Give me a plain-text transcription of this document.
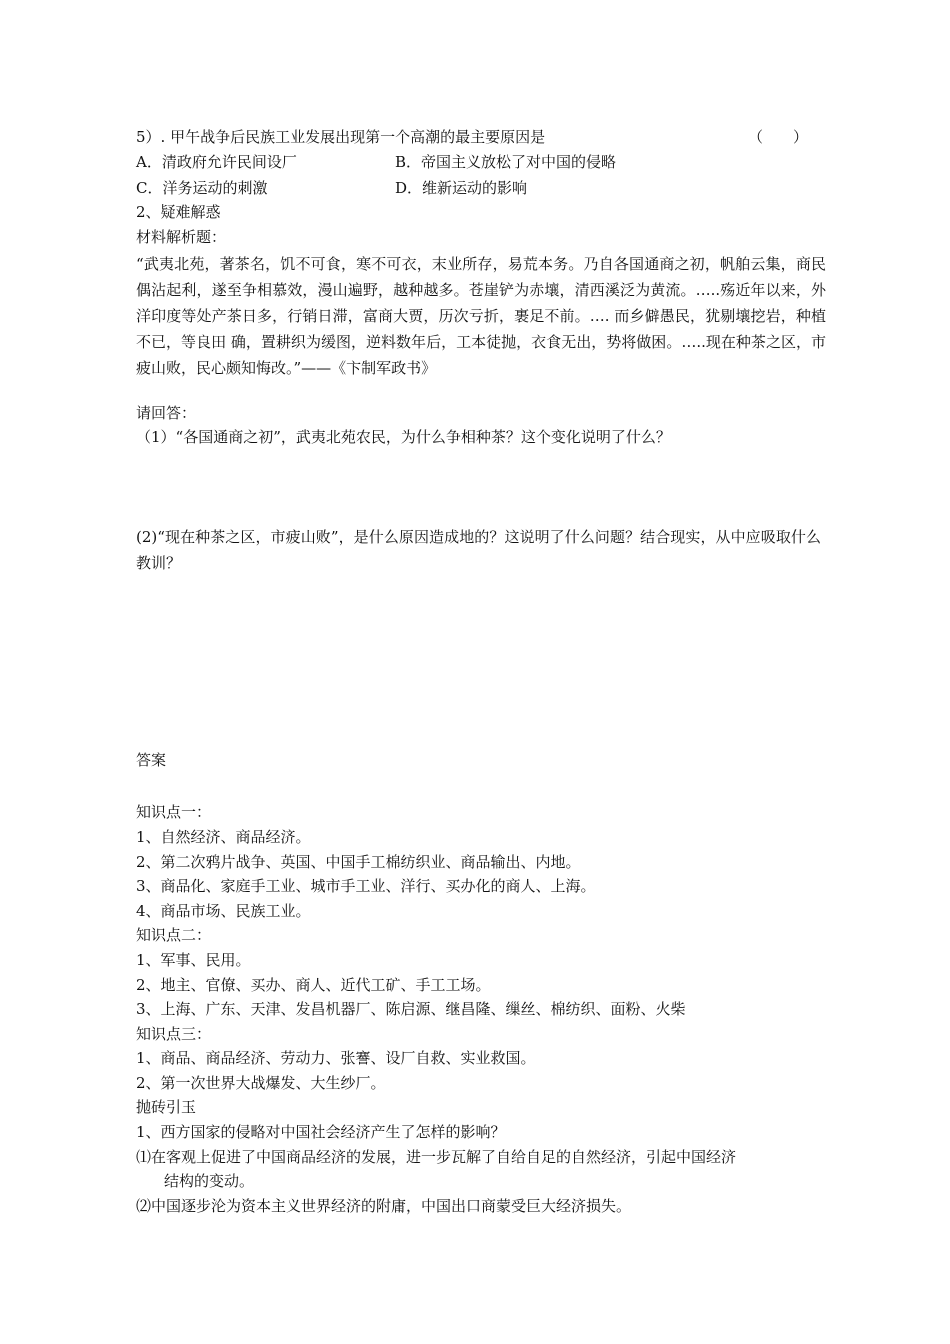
5）. 甲午战争后民族工业发展出现第一个高潮的最主要原因是	（　　）
A．清政府允许民间设厂	B．帝国主义放松了对中国的侵略
C．洋务运动的刺激	D．维新运动的影响
2、疑难解惑
材料解析题：
“武夷北苑，著茶名，饥不可食，寒不可衣，末业所存，易荒本务。乃自各国通商之初，帆舶云集，商民偶沾起利，遂至争相慕效，漫山遍野，越种越多。苍崖铲为赤壤，清西溪泛为黄流。…..殇近年以来，外洋印度等处产茶日多，行销日滞，富商大贾，历次亏折，裹足不前。…. 而乡僻愚民，犹剔壤挖岩，种植不已，等良田 确，置耕织为缓图，逆料数年后，工本徒抛，衣食无出，势将做困。…..现在种茶之区，市疲山败，民心颇知悔改。”——《卞制军政书》
请回答：
（1）“各国通商之初”，武夷北苑农民，为什么争相种茶？这个变化说明了什么？
(2)“现在种茶之区，市疲山败”，是什么原因造成地的？这说明了什么问题？结合现实，从中应吸取什么教训？
答案
知识点一：
1、自然经济、商品经济。
2、第二次鸦片战争、英国、中国手工棉纺织业、商品输出、内地。
3、商品化、家庭手工业、城市手工业、洋行、买办化的商人、上海。
4、商品市场、民族工业。
知识点二：
1、军事、民用。
2、地主、官僚、买办、商人、近代工矿、手工工场。
3、上海、广东、天津、发昌机器厂、陈启源、继昌隆、缫丝、棉纺织、面粉、火柴
知识点三：
1、商品、商品经济、劳动力、张謇、设厂自救、实业救国。
2、第一次世界大战爆发、大生纱厂。
抛砖引玉
1、西方国家的侵略对中国社会经济产生了怎样的影响？
⑴在客观上促进了中国商品经济的发展，进一步瓦解了自给自足的自然经济，引起中国经济
结构的变动。
⑵中国逐步沦为资本主义世界经济的附庸，中国出口商蒙受巨大经济损失。
